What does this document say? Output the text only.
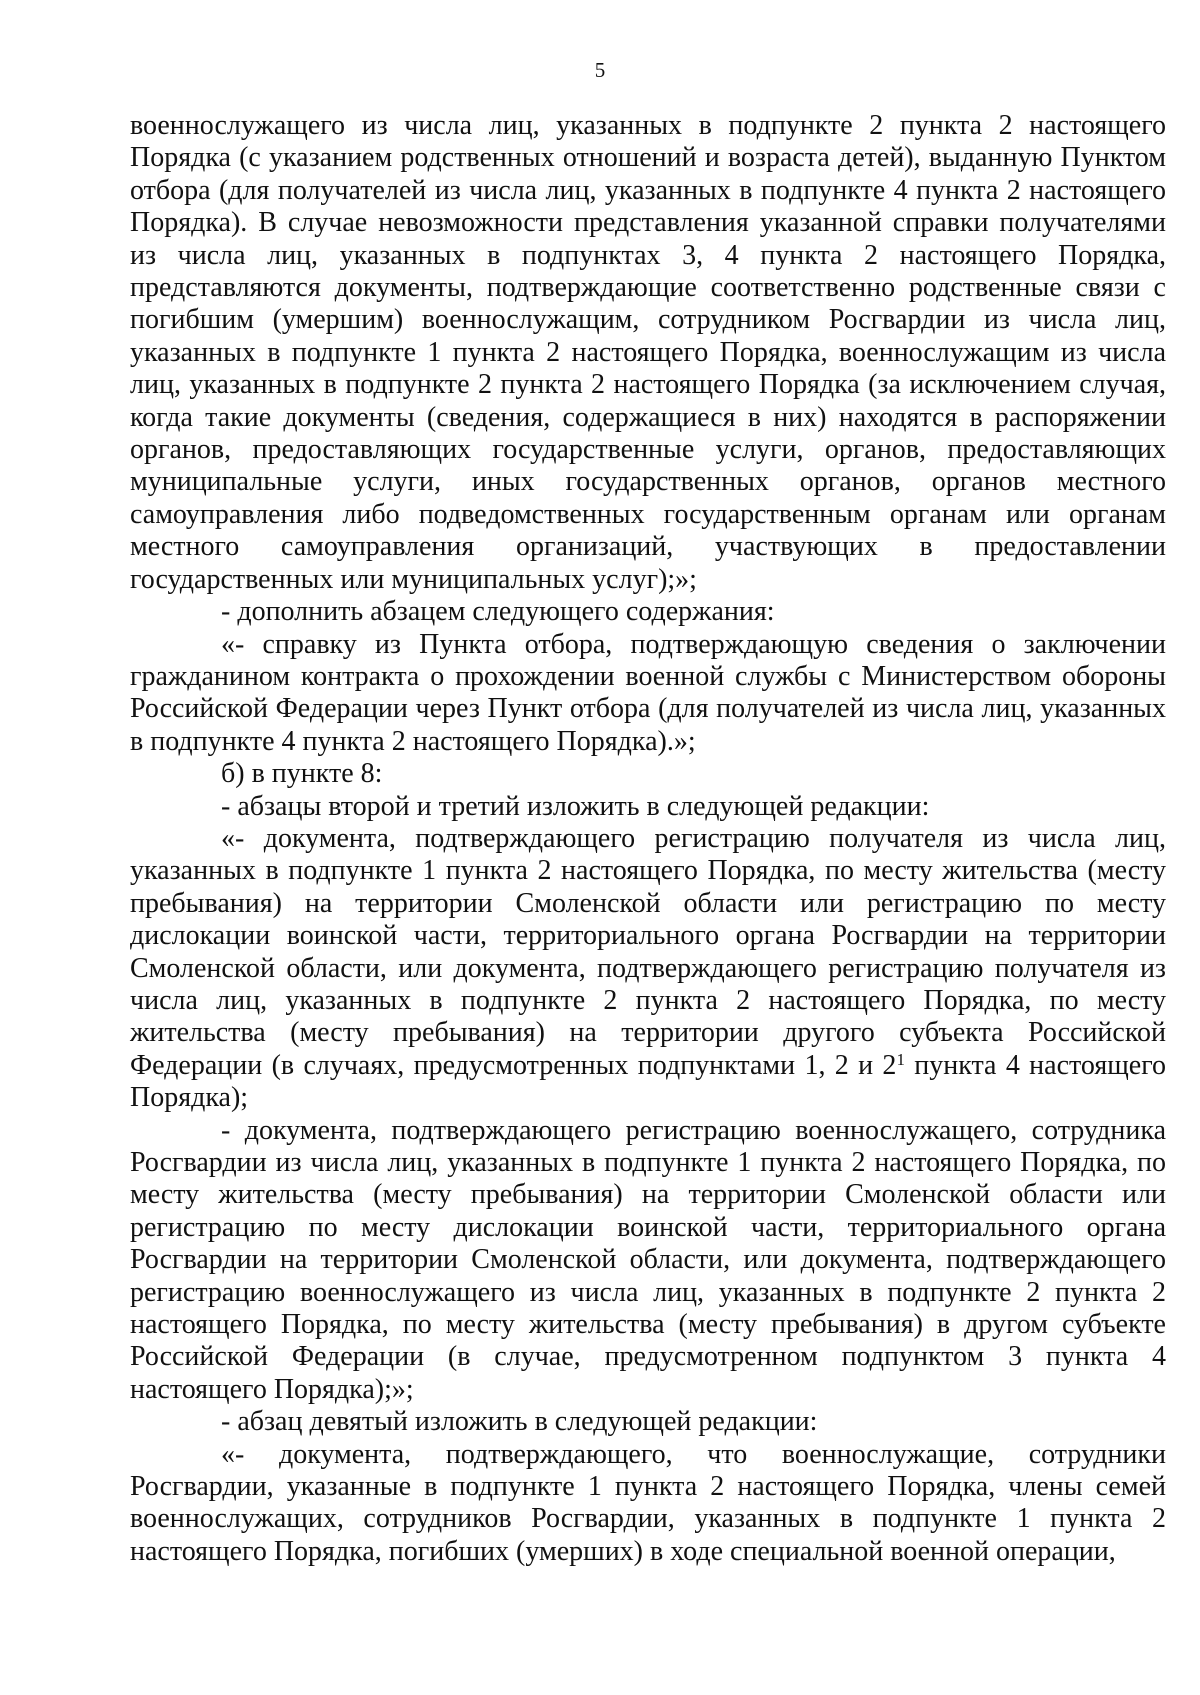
5

военнослужащего из числа лиц, указанных в подпункте 2 пункта 2 настоящего Порядка (с указанием родственных отношений и возраста детей), выданную Пунктом отбора (для получателей из числа лиц, указанных в подпункте 4 пункта 2 настоящего Порядка). В случае невозможности представления указанной справки получателями из числа лиц, указанных в подпунктах 3, 4 пункта 2 настоящего Порядка, представляются документы, подтверждающие соответственно родственные связи с погибшим (умершим) военнослужащим, сотрудником Росгвардии из числа лиц, указанных в подпункте 1 пункта 2 настоящего Порядка, военнослужащим из числа лиц, указанных в подпункте 2 пункта 2 настоящего Порядка (за исключением случая, когда такие документы (сведения, содержащиеся в них) находятся в распоряжении органов, предоставляющих государственные услуги, органов, предоставляющих муниципальные услуги, иных государственных органов, органов местного самоуправления либо подведомственных государственным органам или органам местного самоуправления организаций, участвующих в предоставлении государственных или муниципальных услуг);»;

- дополнить абзацем следующего содержания:

«- справку из Пункта отбора, подтверждающую сведения о заключении гражданином контракта о прохождении военной службы с Министерством обороны Российской Федерации через Пункт отбора (для получателей из числа лиц, указанных в подпункте 4 пункта 2 настоящего Порядка).»;

б) в пункте 8:

- абзацы второй и третий изложить в следующей редакции:

«- документа, подтверждающего регистрацию получателя из числа лиц, указанных в подпункте 1 пункта 2 настоящего Порядка, по месту жительства (месту пребывания) на территории Смоленской области или регистрацию по месту дислокации воинской части, территориального органа Росгвардии на территории Смоленской области, или документа, подтверждающего регистрацию получателя из числа лиц, указанных в подпункте 2 пункта 2 настоящего Порядка, по месту жительства (месту пребывания) на территории другого субъекта Российской Федерации (в случаях, предусмотренных подпунктами 1, 2 и $2^1$ пункта 4 настоящего Порядка);

- документа, подтверждающего регистрацию военнослужащего, сотрудника Росгвардии из числа лиц, указанных в подпункте 1 пункта 2 настоящего Порядка, по месту жительства (месту пребывания) на территории Смоленской области или регистрацию по месту дислокации воинской части, территориального органа Росгвардии на территории Смоленской области, или документа, подтверждающего регистрацию военнослужащего из числа лиц, указанных в подпункте 2 пункта 2 настоящего Порядка, по месту жительства (месту пребывания) в другом субъекте Российской Федерации (в случае, предусмотренном подпунктом 3 пункта 4 настоящего Порядка);»;

- абзац девятый изложить в следующей редакции:

«- документа, подтверждающего, что военнослужащие, сотрудники Росгвардии, указанные в подпункте 1 пункта 2 настоящего Порядка, члены семей военнослужащих, сотрудников Росгвардии, указанных в подпункте 1 пункта 2 настоящего Порядка, погибших (умерших) в ходе специальной военной операции,
